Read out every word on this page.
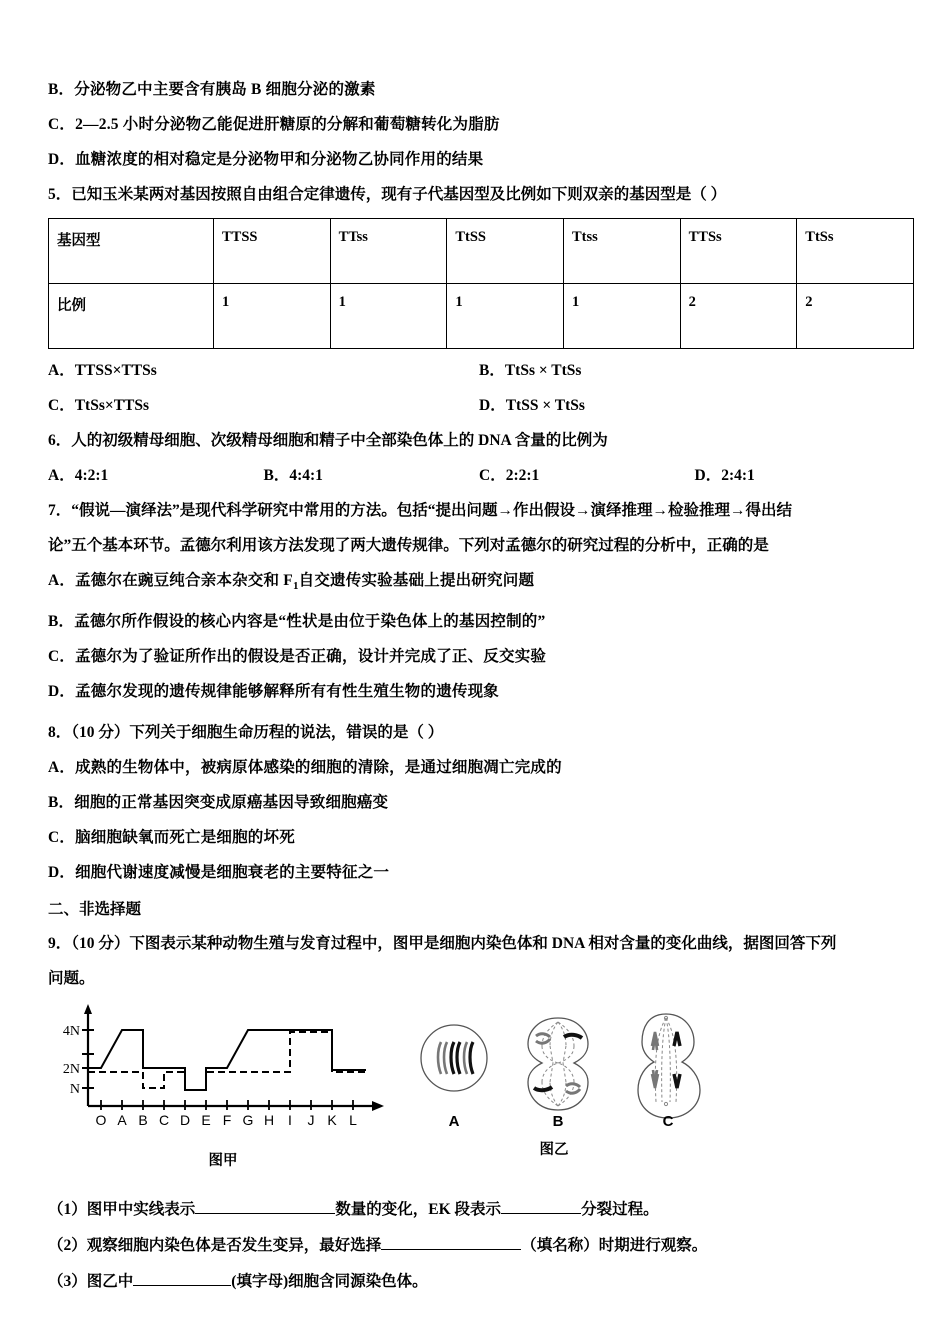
B．分泌物乙中主要含有胰岛 B 细胞分泌的激素
C．2—2.5 小时分泌物乙能促进肝糖原的分解和葡萄糖转化为脂肪
D．血糖浓度的相对稳定是分泌物甲和分泌物乙协同作用的结果
5．已知玉米某两对基因按照自由组合定律遗传，现有子代基因型及比例如下则双亲的基因型是（ ）
基因型	TTSS	TTss	TtSS	Ttss	TTSs	TtSs
比例	1	1	1	1	2	2
A．TTSS×TTSs	B．TtSs × TtSs
C．TtSs×TTSs	D．TtSS × TtSs
6．人的初级精母细胞、次级精母细胞和精子中全部染色体上的 DNA 含量的比例为
A．4:2:1	B．4:4:1	C．2:2:1	D．2:4:1
7．“假说—演绎法”是现代科学研究中常用的方法。包括“提出问题→作出假设→演绎推理→检验推理→得出结
论”五个基本环节。孟德尔利用该方法发现了两大遗传规律。下列对孟德尔的研究过程的分析中，正确的是
A．孟德尔在豌豆纯合亲本杂交和 $F_1$自交遗传实验基础上提出研究问题
B．孟德尔所作假设的核心内容是“性状是由位于染色体上的基因控制的”
C．孟德尔为了验证所作出的假设是否正确，设计并完成了正、反交实验
D．孟德尔发现的遗传规律能够解释所有有性生殖生物的遗传现象
8．（10 分）下列关于细胞生命历程的说法，错误的是（ ）
A．成熟的生物体中，被病原体感染的细胞的清除，是通过细胞凋亡完成的
B．细胞的正常基因突变成原癌基因导致细胞癌变
C．脑细胞缺氧而死亡是细胞的坏死
D．细胞代谢速度减慢是细胞衰老的主要特征之一
二、非选择题
9．（10 分）下图表示某种动物生殖与发育过程中，图甲是细胞内染色体和 DNA 相对含量的变化曲线，据图回答下列
问题。
4N
2N
N
O A B C D E F G H I J K L
图甲
A	B	C
图乙
（1）图甲中实线表示	数量的变化，EK 段表示	分裂过程。
（2）观察细胞内染色体是否发生变异，最好选择	（填名称）时期进行观察。
（3）图乙中	(填字母)细胞含同源染色体。
